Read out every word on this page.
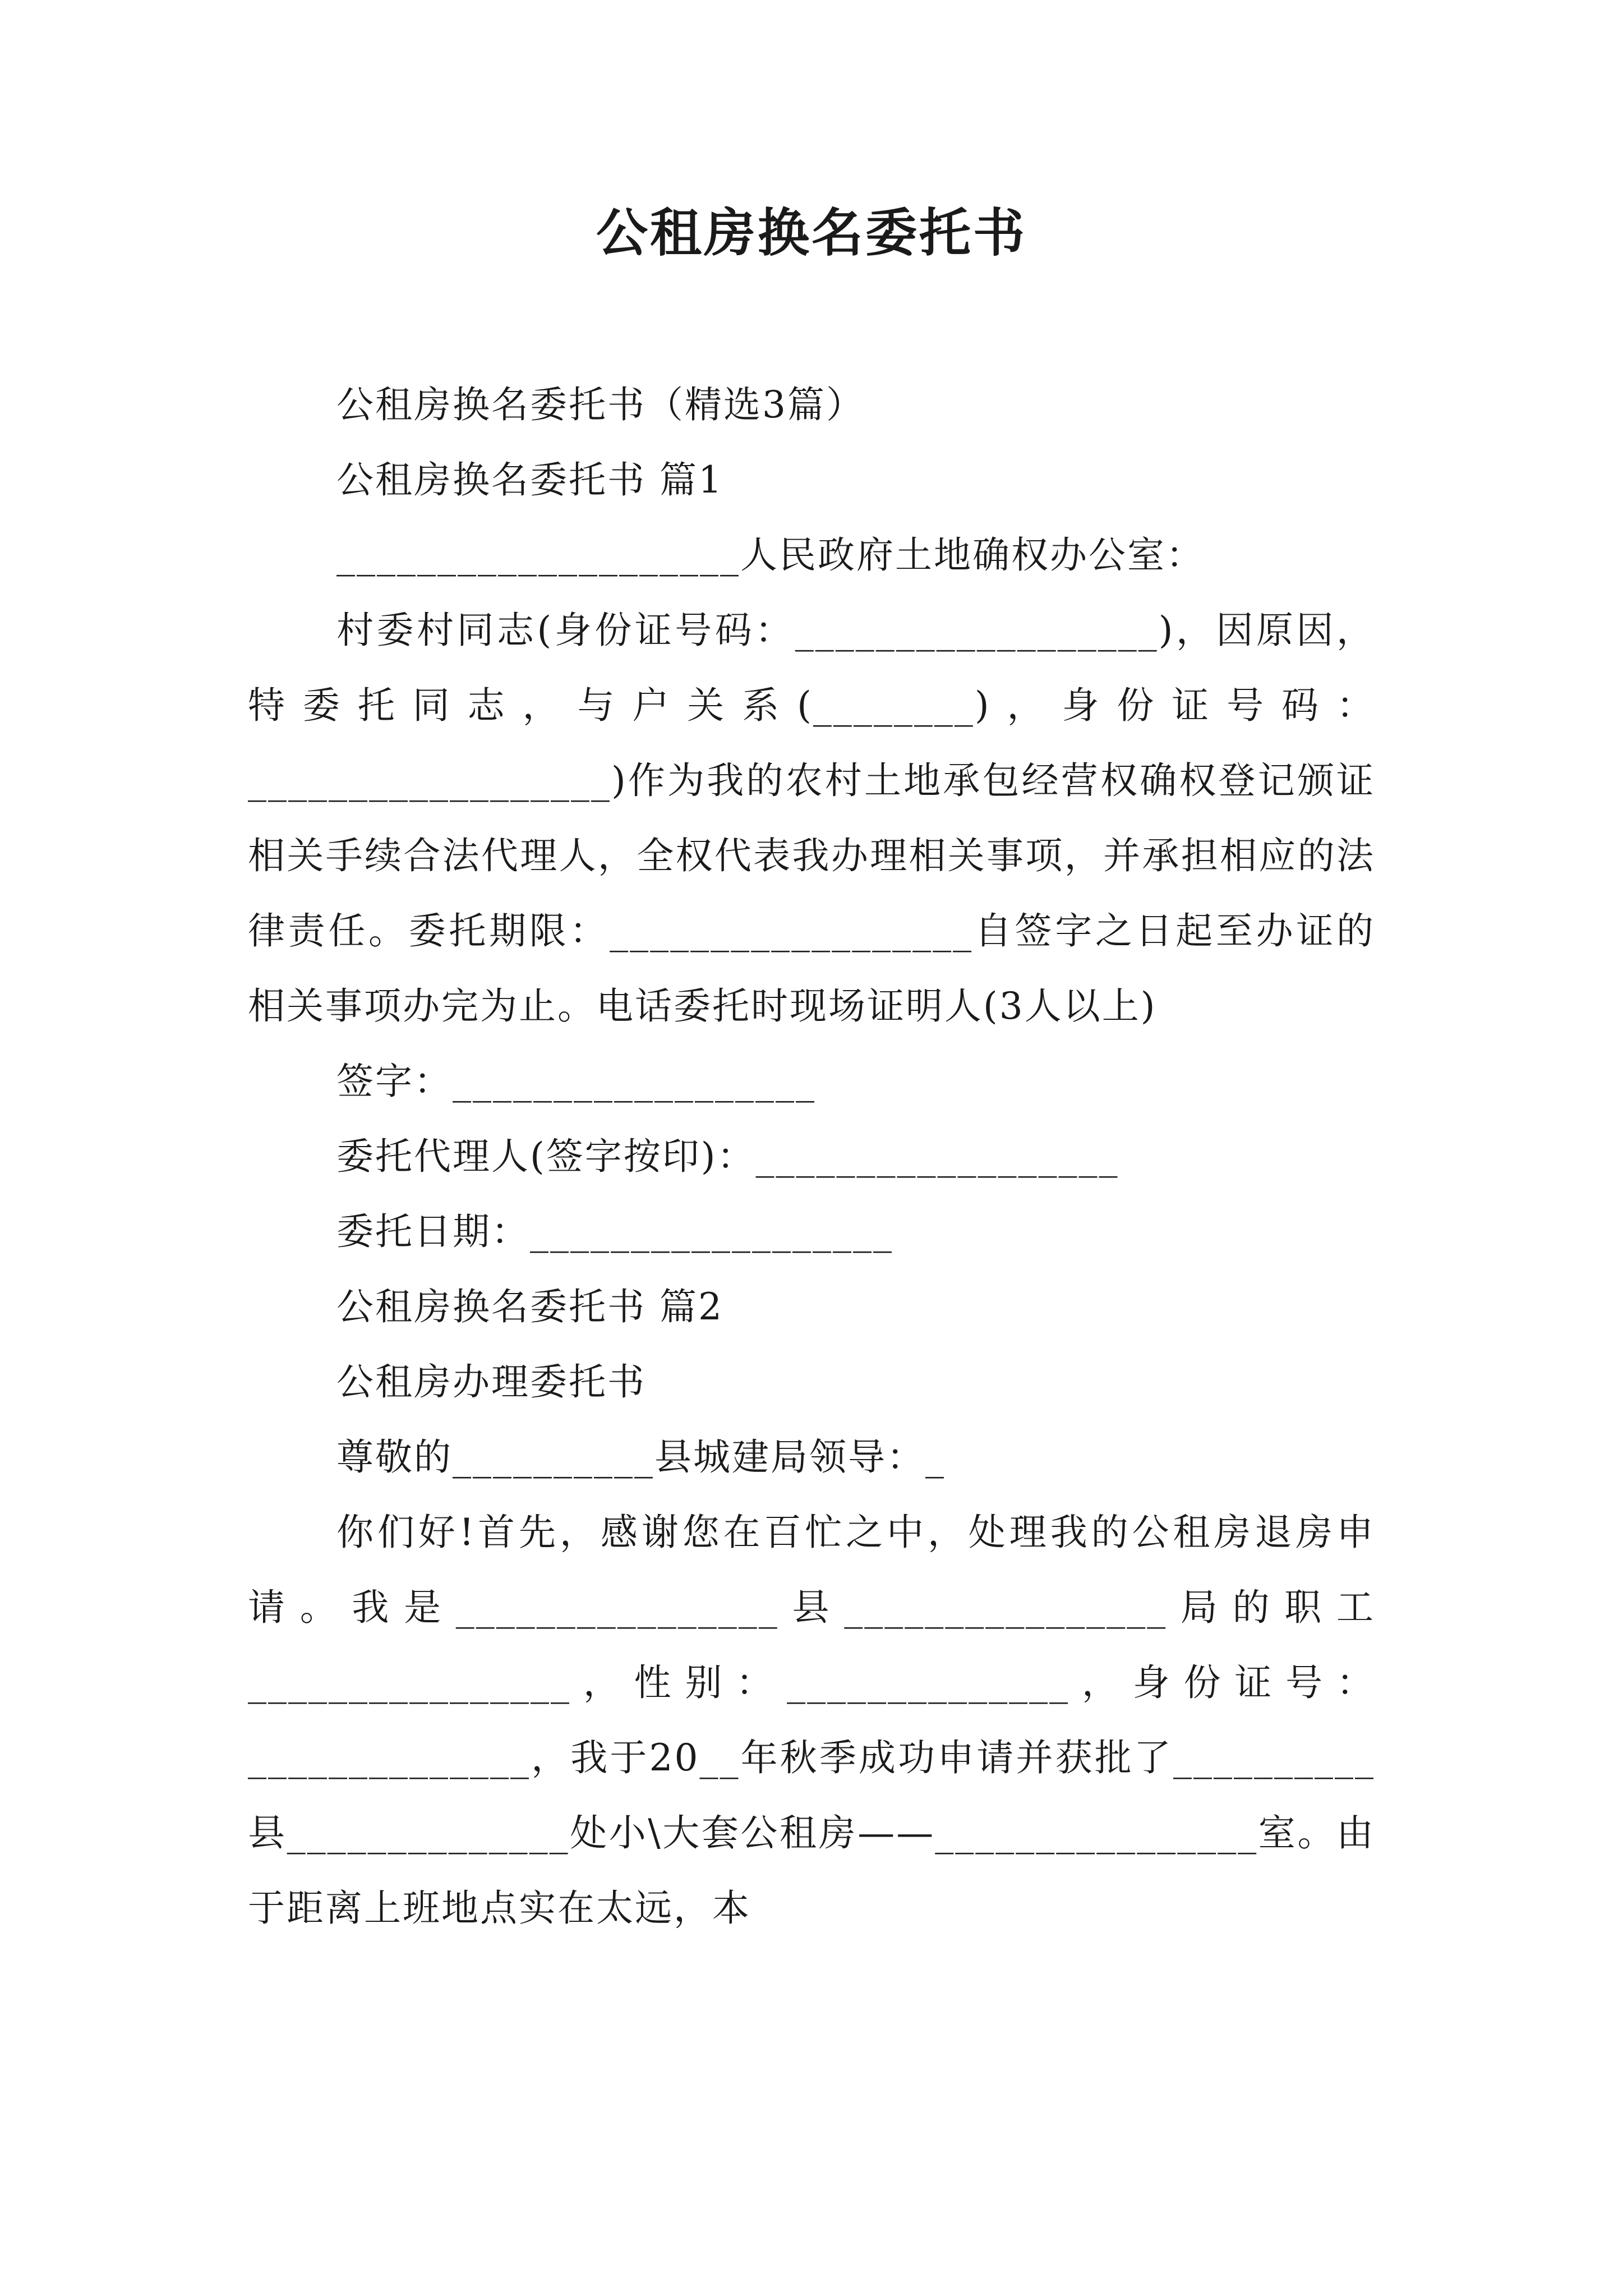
公租房换名委托书

公租房换名委托书（精选3篇）

公租房换名委托书 篇1

____________________人民政府土地确权办公室：

村委村同志(身份证号码：__________________)，因原因，特委托同志，与户关系(________)，身份证号码：__________________)作为我的农村土地承包经营权确权登记颁证相关手续合法代理人，全权代表我办理相关事项，并承担相应的法律责任。委托期限：__________________自签字之日起至办证的相关事项办完为止。电话委托时现场证明人(3人以上)

签字：__________________

委托代理人(签字按印)：__________________

委托日期：__________________

公租房换名委托书 篇2

公租房办理委托书

尊敬的__________县城建局领导：_

你们好!首先，感谢您在百忙之中，处理我的公租房退房申请。我是________________县________________局的职工________________，性别：______________，身份证号：______________，我于20__年秋季成功申请并获批了__________县______________处小\大套公租房——________________室。由于距离上班地点实在太远，本
